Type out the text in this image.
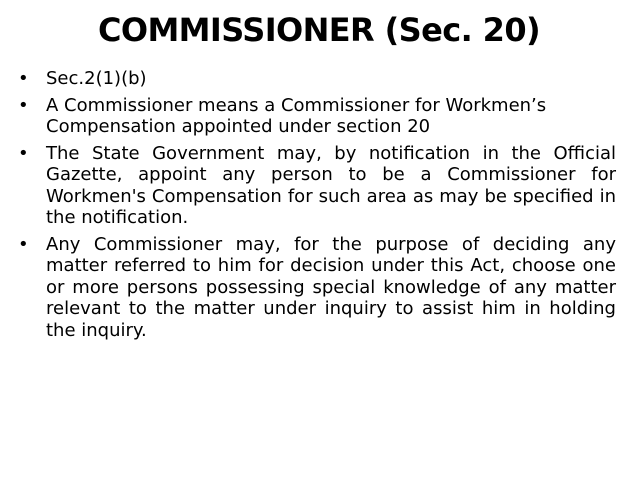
COMMISSIONER (Sec. 20)
• Sec.2(1)(b)
• A Commissioner means a Commissioner for Workmen’s Compensation appointed under section 20
• The State Government may, by notification in the Official Gazette, appoint any person to be a Commissioner for Workmen's Compensation for such area as may be specified in the notification.
• Any Commissioner may, for the purpose of deciding any matter referred to him for decision under this Act, choose one or more persons possessing special knowledge of any matter relevant to the matter under inquiry to assist him in holding the inquiry.
